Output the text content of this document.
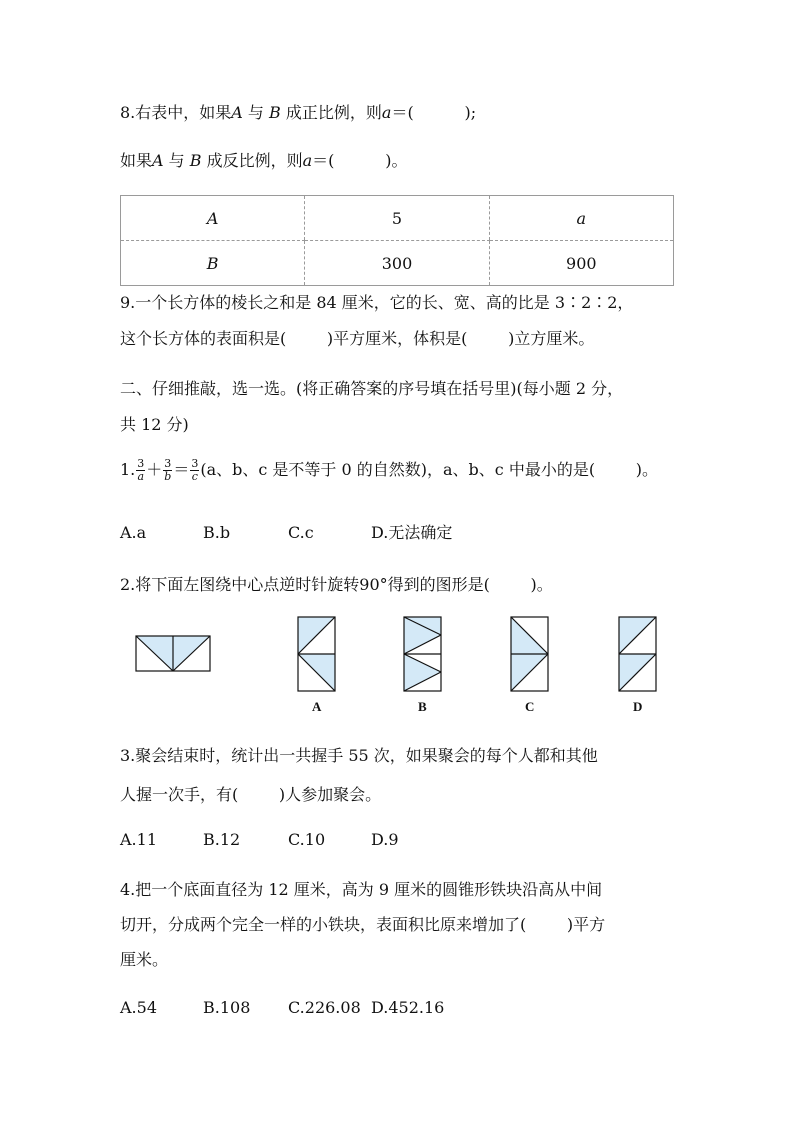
8.右表中，如果A 与 B 成正比例，则a＝(          );
如果A 与 B 成反比例，则a＝(          )。
A	5	a
B	300	900
9.一个长方体的棱长之和是 84 厘米，它的长、宽、高的比是 3∶2∶2，
这个长方体的表面积是(        )平方厘米，体积是(        )立方厘米。
二、仔细推敲，选一选。(将正确答案的序号填在括号里)(每小题 2 分，
共 12 分)
1. $\frac{3}{a} + \frac{3}{b} = \frac{3}{c} (a$、b、c 是不等于 0 的自然数)，a、b、c 中最小的是(        )。
A.a	B.b	C.c	D.无法确定
2.将下面左图绕中心点逆时针旋转90°得到的图形是(        )。
A	B	C	D
3.聚会结束时，统计出一共握手 55 次，如果聚会的每个人都和其他
人握一次手，有(        )人参加聚会。
A.11	B.12	C.10	D.9
4.把一个底面直径为 12 厘米，高为 9 厘米的圆锥形铁块沿高从中间
切开，分成两个完全一样的小铁块，表面积比原来增加了(        )平方
厘米。
A.54	B.108 C.226.08 D.452.16
